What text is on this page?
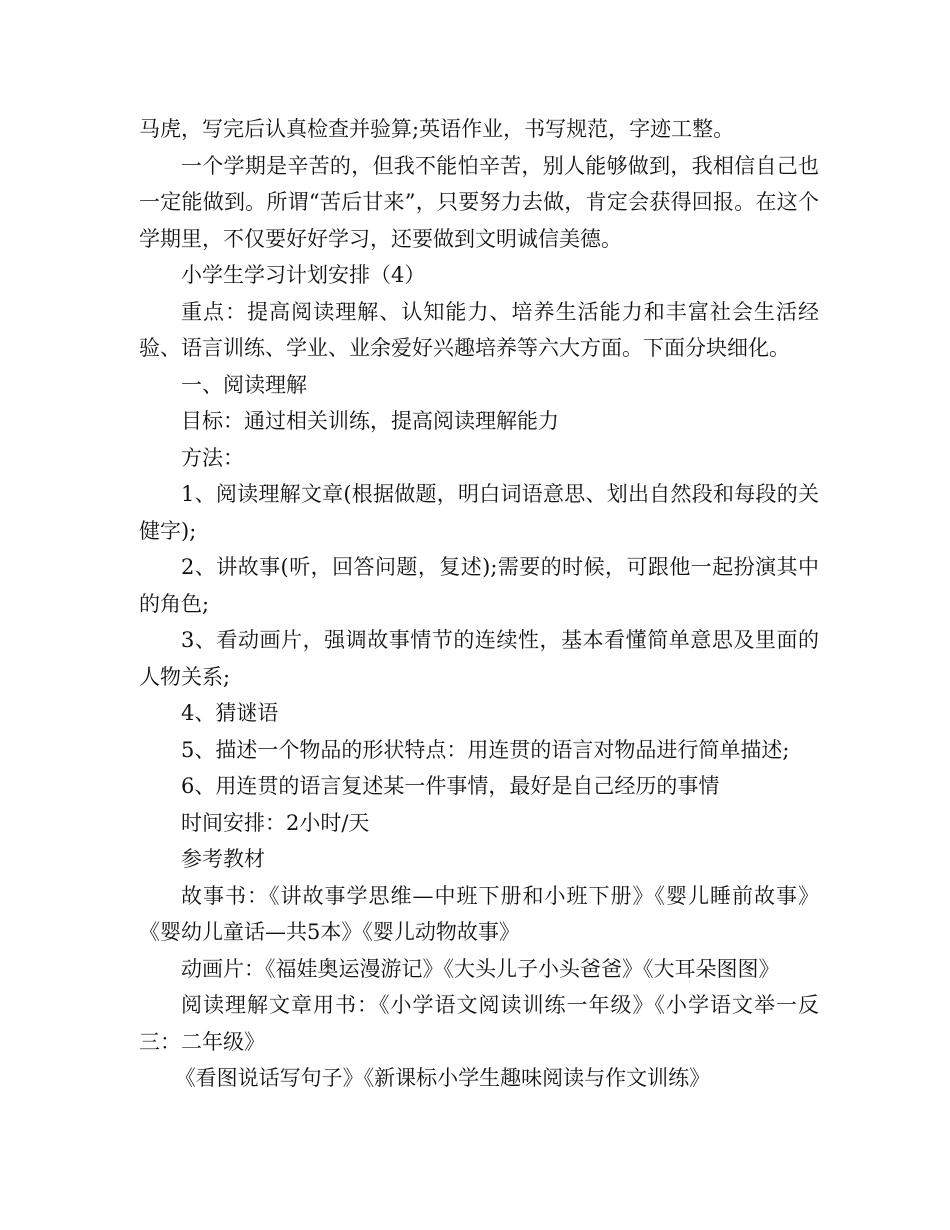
马虎，写完后认真检查并验算;英语作业，书写规范，字迹工整。

一个学期是辛苦的，但我不能怕辛苦，别人能够做到，我相信自己也一定能做到。所谓“苦后甘来”，只要努力去做，肯定会获得回报。在这个学期里，不仅要好好学习，还要做到文明诚信美德。

小学生学习计划安排（4）

重点：提高阅读理解、认知能力、培养生活能力和丰富社会生活经验、语言训练、学业、业余爱好兴趣培养等六大方面。下面分块细化。

一、阅读理解

目标：通过相关训练，提高阅读理解能力

方法：

1、阅读理解文章(根据做题，明白词语意思、划出自然段和每段的关健字);

2、讲故事(听，回答问题，复述);需要的时候，可跟他一起扮演其中的角色;

3、看动画片，强调故事情节的连续性，基本看懂简单意思及里面的人物关系;

4、猜谜语

5、描述一个物品的形状特点：用连贯的语言对物品进行简单描述;

6、用连贯的语言复述某一件事情，最好是自己经历的事情

时间安排：2小时/天

参考教材

故事书：《讲故事学思维—中班下册和小班下册》《婴儿睡前故事》《婴幼儿童话—共5本》《婴儿动物故事》

动画片：《福娃奥运漫游记》《大头儿子小头爸爸》《大耳朵图图》

阅读理解文章用书：《小学语文阅读训练一年级》《小学语文举一反三：二年级》

《看图说话写句子》《新课标小学生趣味阅读与作文训练》
